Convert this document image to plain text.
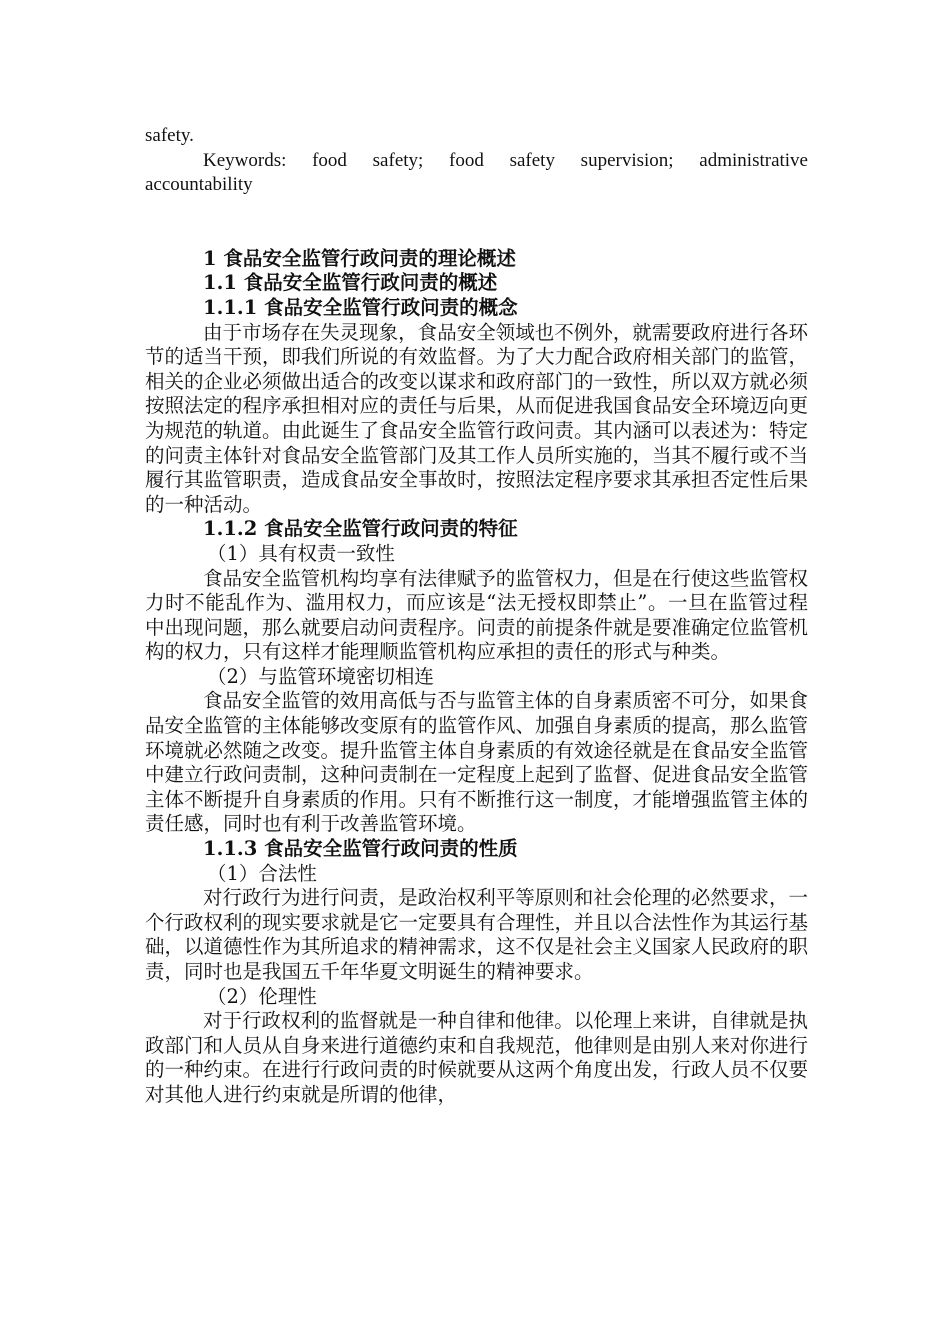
safety.
Keywords: food safety; food safety supervision; administrative
accountability
1 食品安全监管行政问责的理论概述
1.1 食品安全监管行政问责的概述
1.1.1 食品安全监管行政问责的概念

由于市场存在失灵现象，食品安全领域也不例外，就需要政府进行各环节的适当干预，即我们所说的有效监督。为了大力配合政府相关部门的监管，相关的企业必须做出适合的改变以谋求和政府部门的一致性，所以双方就必须按照法定的程序承担相对应的责任与后果，从而促进我国食品安全环境迈向更为规范的轨道。由此诞生了食品安全监管行政问责。其内涵可以表述为：特定的问责主体针对食品安全监管部门及其工作人员所实施的，当其不履行或不当履行其监管职责，造成食品安全事故时，按照法定程序要求其承担否定性后果的一种活动。

1.1.2 食品安全监管行政问责的特征
（1）具有权责一致性

食品安全监管机构均享有法律赋予的监管权力，但是在行使这些监管权力时不能乱作为、滥用权力，而应该是“法无授权即禁止”。一旦在监管过程中出现问题，那么就要启动问责程序。问责的前提条件就是要准确定位监管机构的权力，只有这样才能理顺监管机构应承担的责任的形式与种类。

（2）与监管环境密切相连

食品安全监管的效用高低与否与监管主体的自身素质密不可分，如果食品安全监管的主体能够改变原有的监管作风、加强自身素质的提高，那么监管环境就必然随之改变。提升监管主体自身素质的有效途径就是在食品安全监管中建立行政问责制，这种问责制在一定程度上起到了监督、促进食品安全监管主体不断提升自身素质的作用。只有不断推行这一制度，才能增强监管主体的责任感，同时也有利于改善监管环境。

1.1.3 食品安全监管行政问责的性质
（1）合法性

对行政行为进行问责，是政治权利平等原则和社会伦理的必然要求，一个行政权利的现实要求就是它一定要具有合理性，并且以合法性作为其运行基础，以道德性作为其所追求的精神需求，这不仅是社会主义国家人民政府的职责，同时也是我国五千年华夏文明诞生的精神要求。

（2）伦理性

对于行政权利的监督就是一种自律和他律。以伦理上来讲，自律就是执政部门和人员从自身来进行道德约束和自我规范，他律则是由别人来对你进行的一种约束。在进行行政问责的时候就要从这两个角度出发，行政人员不仅要对其他人进行约束就是所谓的他律，
